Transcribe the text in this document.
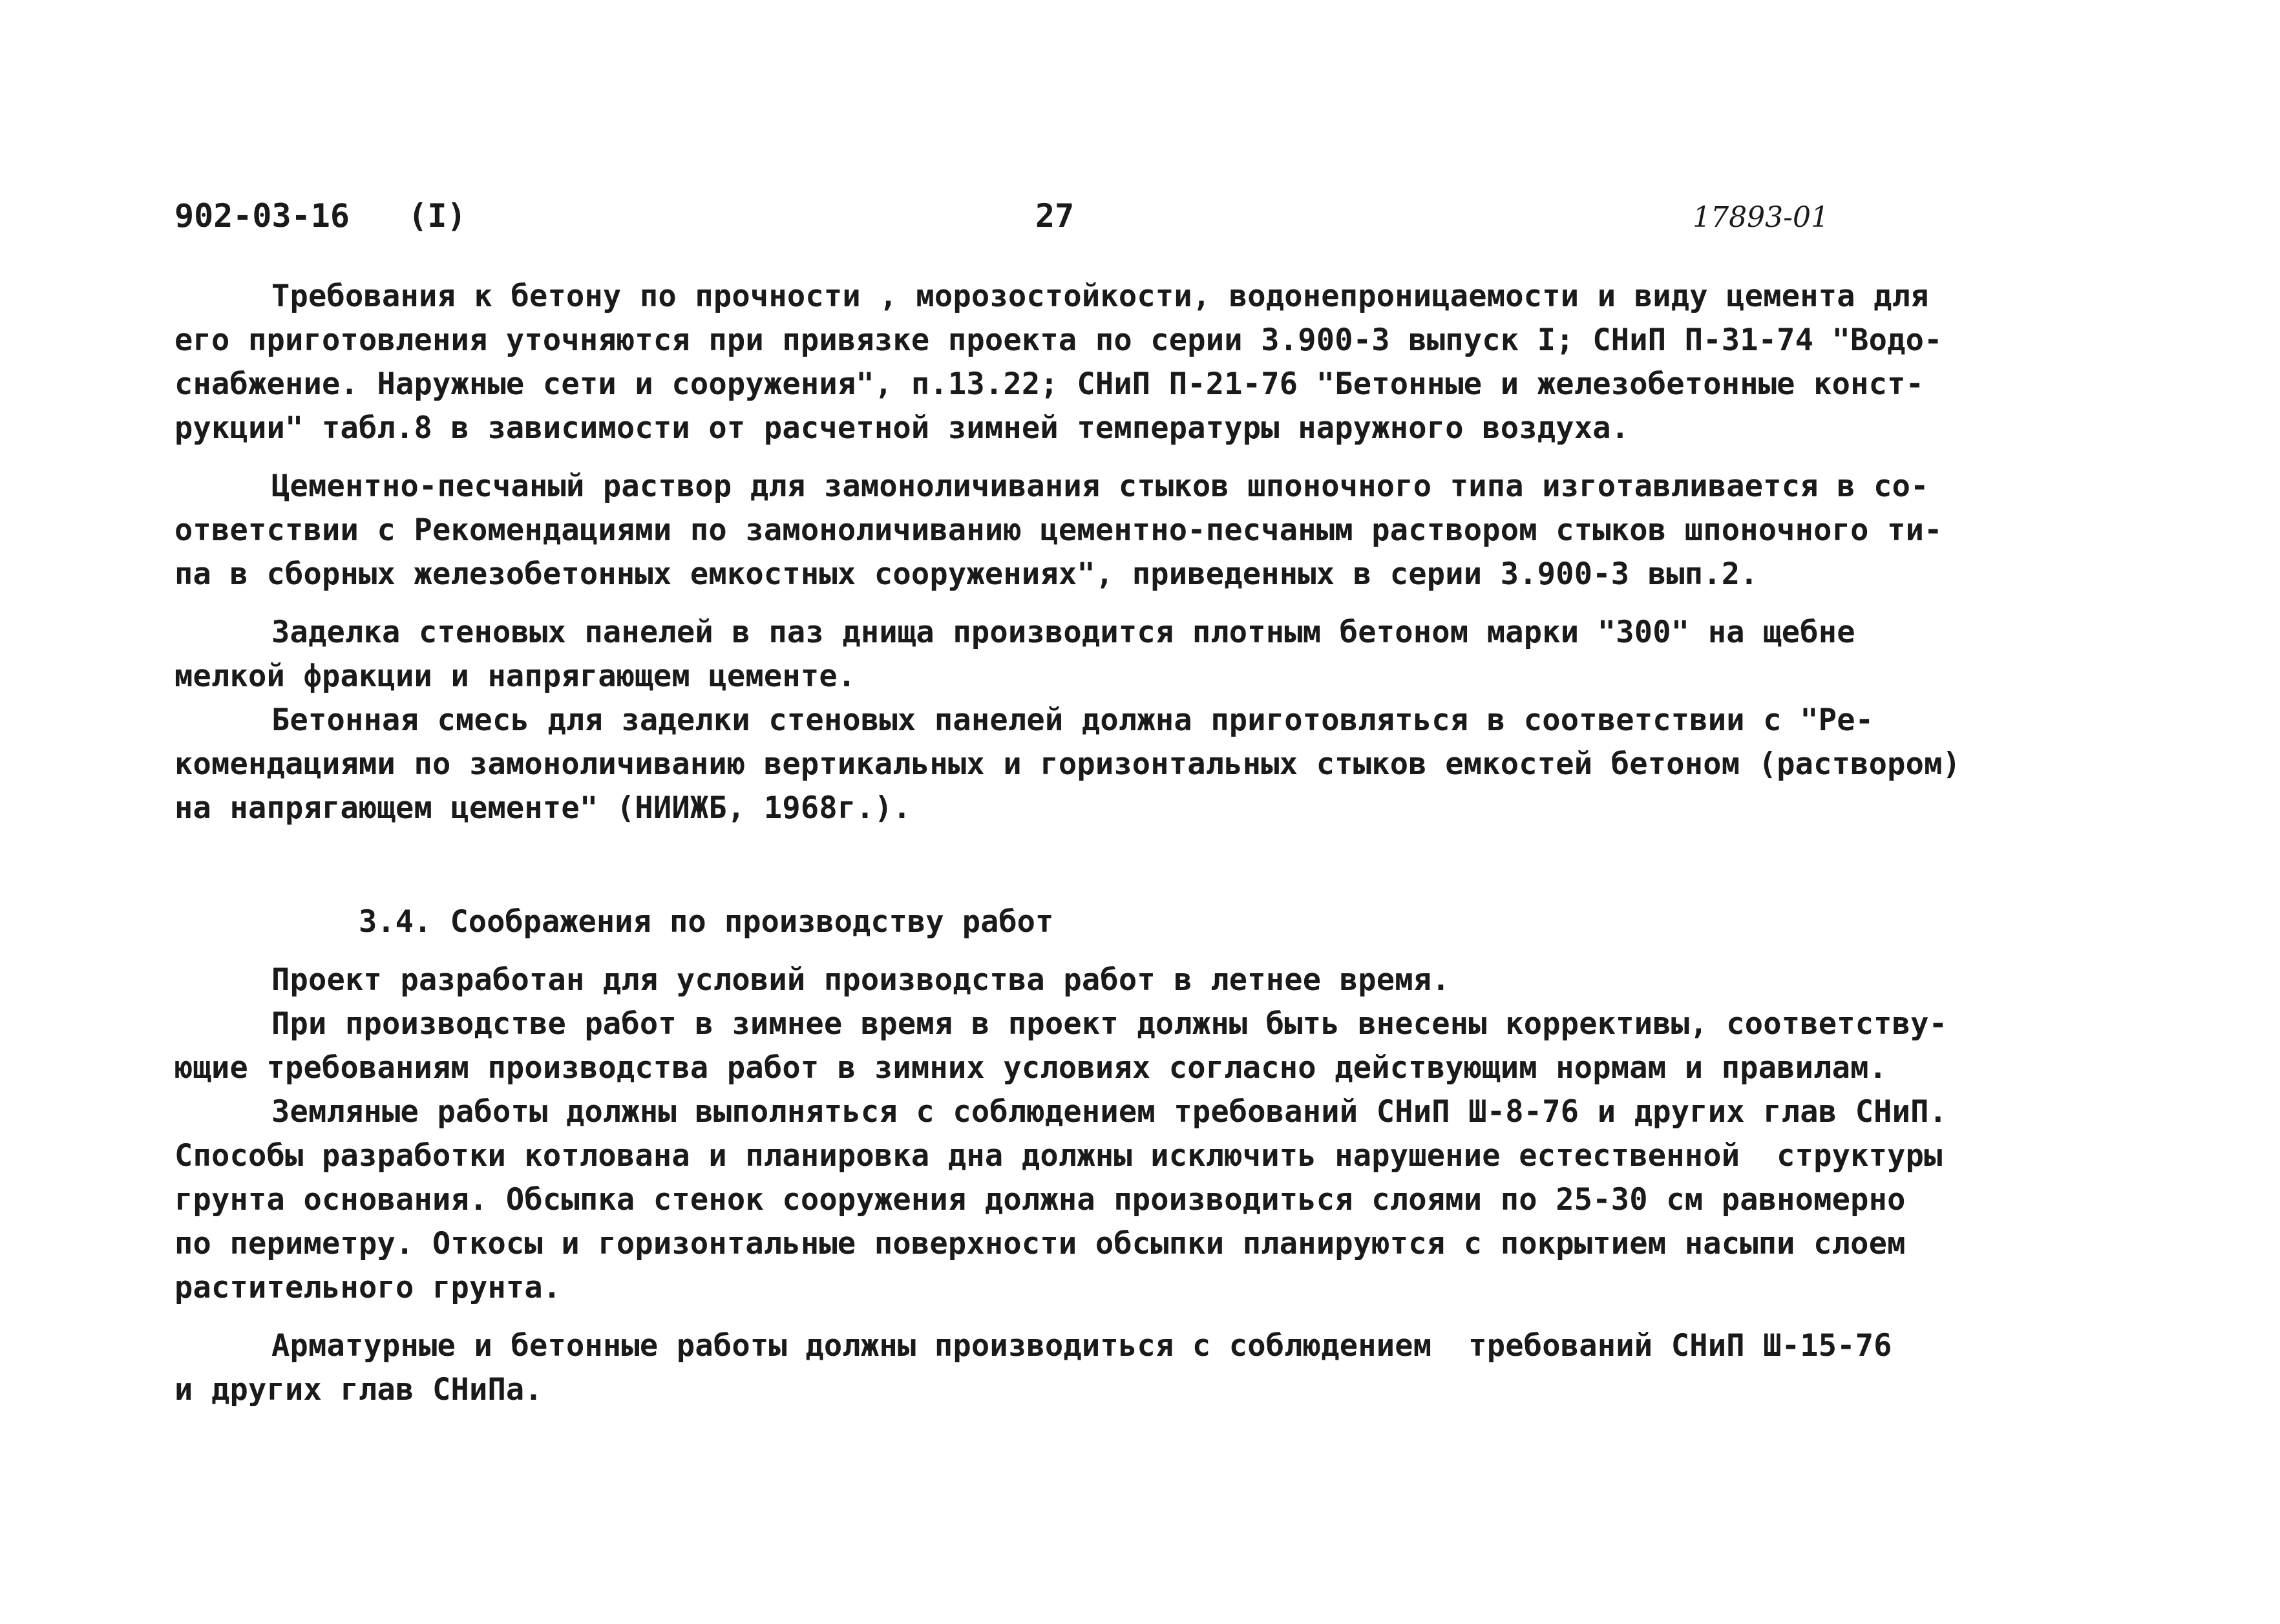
902-03-16   (I)	27	17893-01
Требования к бетону по прочности , морозостойкости, водонепроницаемости и виду цемента для
его приготовления уточняются при привязке проекта по серии 3.900-3 выпуск I; СНиП П-31-74 "Водо-
снабжение. Наружные сети и сооружения", п.13.22; СНиП П-21-76 "Бетонные и железобетонные конст-
рукции" табл.8 в зависимости от расчетной зимней температуры наружного воздуха.
Цементно-песчаный раствор для замоноличивания стыков шпоночного типа изготавливается в со-
ответствии с Рекомендациями по замоноличиванию цементно-песчаным раствором стыков шпоночного ти-
па в сборных железобетонных емкостных сооружениях", приведенных в серии 3.900-3 вып.2.
Заделка стеновых панелей в паз днища производится плотным бетоном марки "300" на щебне
мелкой фракции и напрягающем цементе.
Бетонная смесь для заделки стеновых панелей должна приготовляться в соответствии с "Ре-
комендациями по замоноличиванию вертикальных и горизонтальных стыков емкостей бетоном (раствором)
на напрягающем цементе" (НИИЖБ, 1968г.).
3.4. Соображения по производству работ
Проект разработан для условий производства работ в летнее время.
При производстве работ в зимнее время в проект должны быть внесены коррективы, соответству-
ющие требованиям производства работ в зимних условиях согласно действующим нормам и правилам.
Земляные работы должны выполняться с соблюдением требований СНиП Ш-8-76 и других глав СНиП.
Способы разработки котлована и планировка дна должны исключить нарушение естественной  структуры
грунта основания. Обсыпка стенок сооружения должна производиться слоями по 25-30 см равномерно
по периметру. Откосы и горизонтальные поверхности обсыпки планируются с покрытием насыпи слоем
растительного грунта.
Арматурные и бетонные работы должны производиться с соблюдением  требований СНиП Ш-15-76
и других глав СНиПа.
